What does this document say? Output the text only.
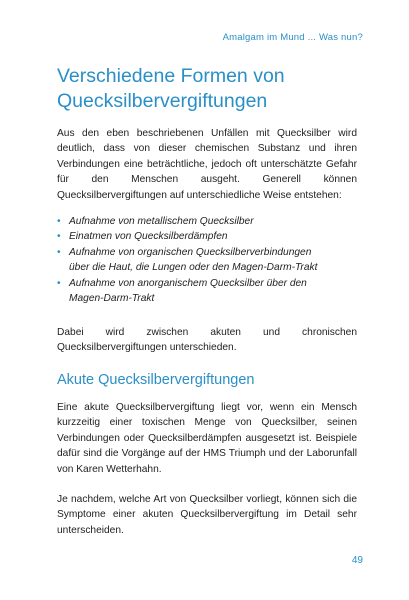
Amalgam im Mund ... Was nun?
Verschiedene Formen von
Quecksilbervergiftungen

Aus den eben beschriebenen Unfällen mit Quecksilber wird deutlich, dass von dieser chemischen Substanz und ihren Verbindungen eine beträchtliche, jedoch oft unterschätzte Gefahr für den Menschen ausgeht. Generell können Quecksilbervergiftungen auf unterschiedliche Weise entstehen:

• Aufnahme von metallischem Quecksilber
• Einatmen von Quecksilberdämpfen
• Aufnahme von organischen Quecksilberverbindungen
über die Haut, die Lungen oder den Magen-Darm-Trakt
• Aufnahme von anorganischem Quecksilber über den
Magen-Darm-Trakt

Dabei wird zwischen akuten und chronischen Quecksilbervergiftungen unterschieden.

Akute Quecksilbervergiftungen

Eine akute Quecksilbervergiftung liegt vor, wenn ein Mensch kurzzeitig einer toxischen Menge von Quecksilber, seinen Verbindungen oder Quecksilberdämpfen ausgesetzt ist. Beispiele dafür sind die Vorgänge auf der HMS Triumph und der Laborunfall von Karen Wetterhahn.

Je nachdem, welche Art von Quecksilber vorliegt, können sich die Symptome einer akuten Quecksilbervergiftung im Detail sehr unterscheiden.

49
